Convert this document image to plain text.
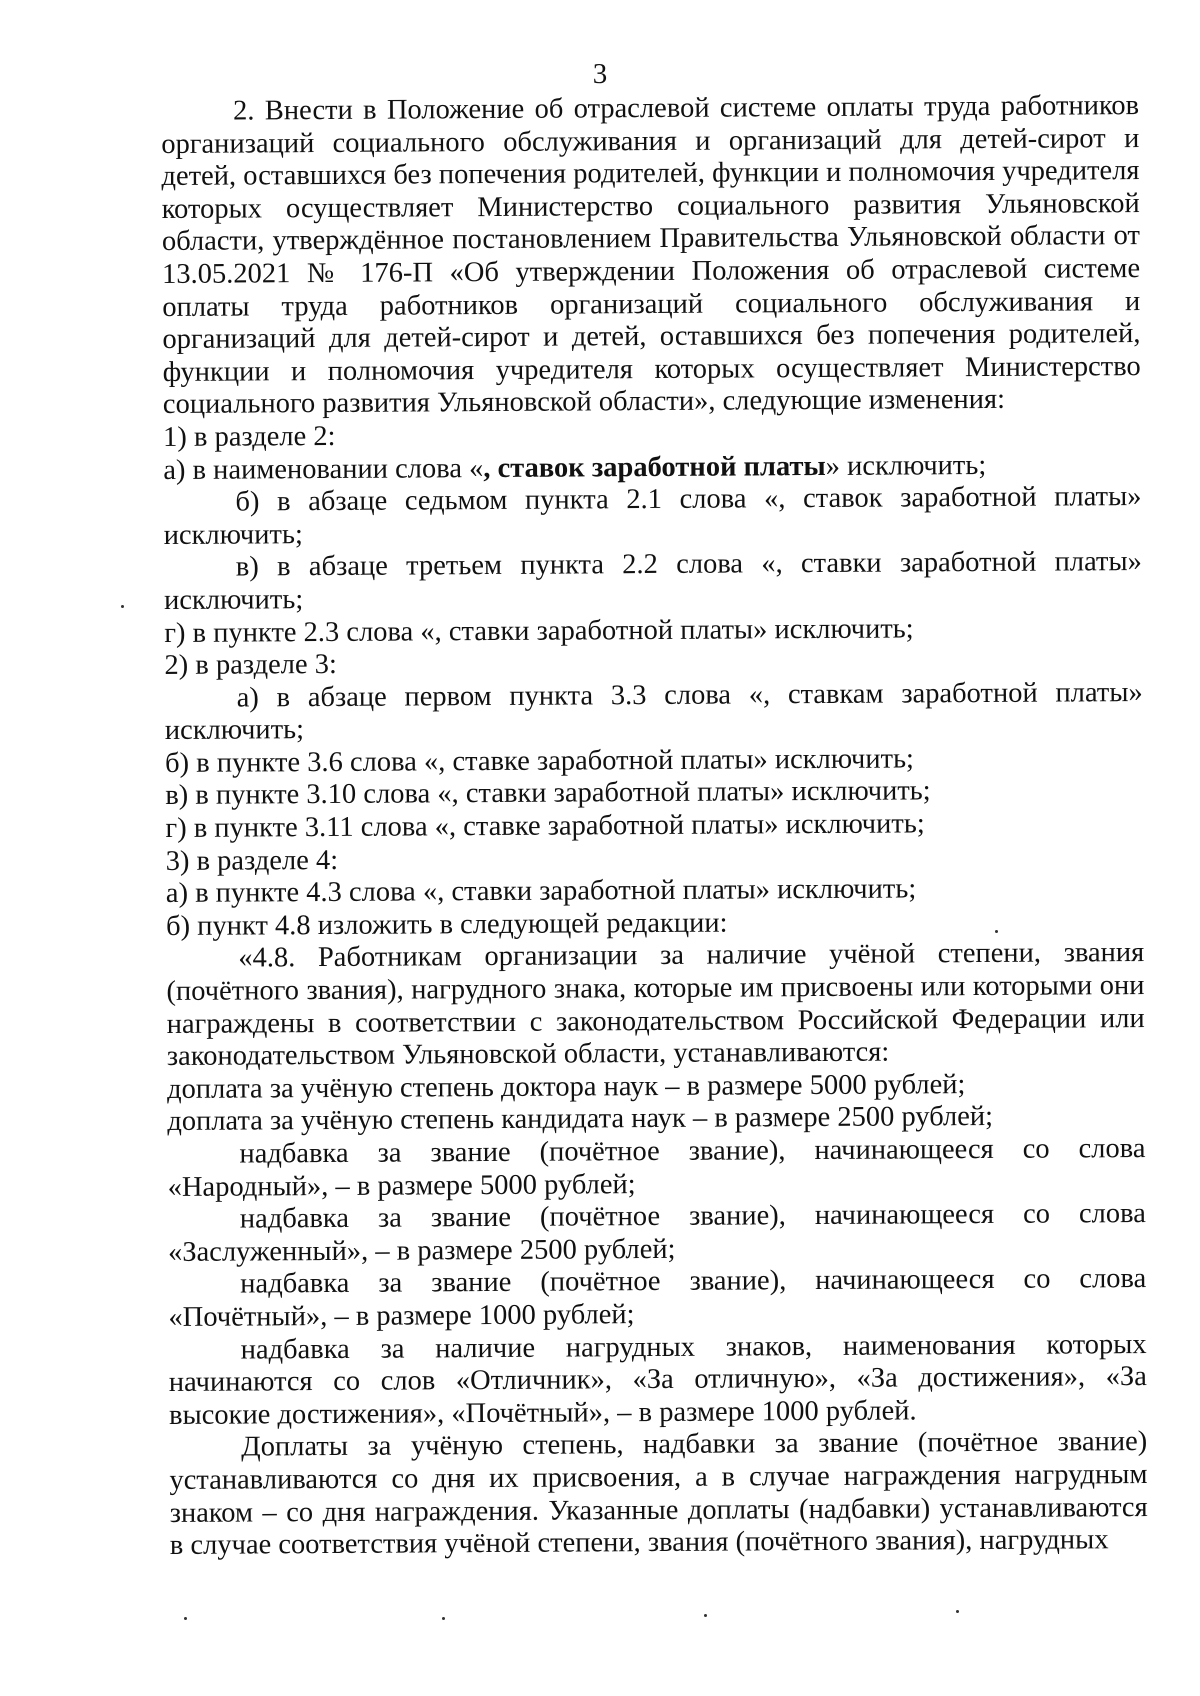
3

2. Внести в Положение об отраслевой системе оплаты труда работников организаций социального обслуживания и организаций для детей-сирот и детей, оставшихся без попечения родителей, функции и полномочия учредителя которых осуществляет Министерство социального развития Ульяновской области, утверждённое постановлением Правительства Ульяновской области от 13.05.2021 № 176-П «Об утверждении Положения об отраслевой системе оплаты труда работников организаций социального обслуживания и организаций для детей-сирот и детей, оставшихся без попечения родителей, функции и полномочия учредителя которых осуществляет Министерство социального развития Ульяновской области», следующие изменения:

1) в разделе 2:

а) в наименовании слова «, ставок заработной платы» исключить;

б) в абзаце седьмом пункта 2.1 слова «, ставок заработной платы» исключить;

в) в абзаце третьем пункта 2.2 слова «, ставки заработной платы» исключить;

г) в пункте 2.3 слова «, ставки заработной платы» исключить;

2) в разделе 3:

а) в абзаце первом пункта 3.3 слова «, ставкам заработной платы» исключить;

б) в пункте 3.6 слова «, ставке заработной платы» исключить;

в) в пункте 3.10 слова «, ставки заработной платы» исключить;

г) в пункте 3.11 слова «, ставке заработной платы» исключить;

3) в разделе 4:

а) в пункте 4.3 слова «, ставки заработной платы» исключить;

б) пункт 4.8 изложить в следующей редакции:

«4.8. Работникам организации за наличие учёной степени, звания (почётного звания), нагрудного знака, которые им присвоены или которыми они награждены в соответствии с законодательством Российской Федерации или законодательством Ульяновской области, устанавливаются:

доплата за учёную степень доктора наук – в размере 5000 рублей;

доплата за учёную степень кандидата наук – в размере 2500 рублей;

надбавка за звание (почётное звание), начинающееся со слова «Народный», – в размере 5000 рублей;

надбавка за звание (почётное звание), начинающееся со слова «Заслуженный», – в размере 2500 рублей;

надбавка за звание (почётное звание), начинающееся со слова «Почётный», – в размере 1000 рублей;

надбавка за наличие нагрудных знаков, наименования которых начинаются со слов «Отличник», «За отличную», «За достижения», «За высокие достижения», «Почётный», – в размере 1000 рублей.

Доплаты за учёную степень, надбавки за звание (почётное звание) устанавливаются со дня их присвоения, а в случае награждения нагрудным знаком – со дня награждения. Указанные доплаты (надбавки) устанавливаются в случае соответствия учёной степени, звания (почётного звания), нагрудных
